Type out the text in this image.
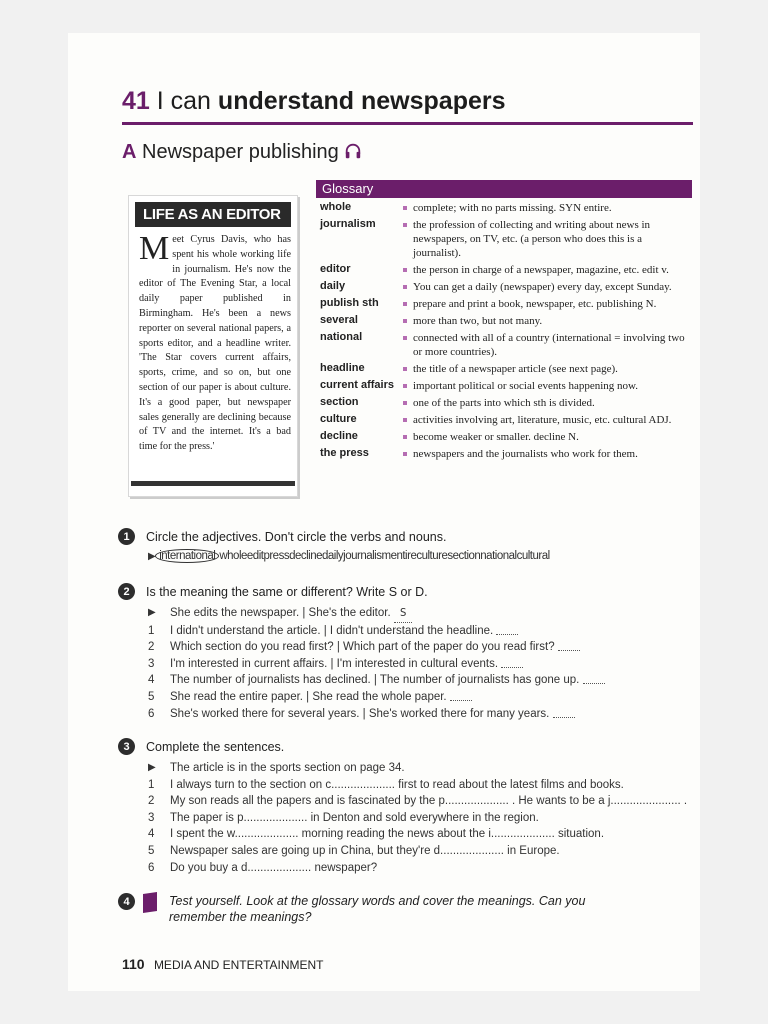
41 I can understand newspapers
A Newspaper publishing
LIFE AS AN EDITOR
Meet Cyrus Davis, who has spent his whole working life in journalism. He's now the editor of The Evening Star, a local daily paper published in Birmingham. He's been a news reporter on several national papers, a sports editor, and a headline writer. 'The Star covers current affairs, sports, crime, and so on, but one section of our paper is about culture. It's a good paper, but newspaper sales generally are declining because of TV and the internet. It's a bad time for the press.'
Glossary
whole	complete; with no parts missing. SYN entire.
journalism	the profession of collecting and writing about news in newspapers, on TV, etc. (a person who does this is a journalist).
editor	the person in charge of a newspaper, magazine, etc. edit v.
daily	You can get a daily (newspaper) every day, except Sunday.
publish sth	prepare and print a book, newspaper, etc. publishing N.
several	more than two, but not many.
national	connected with all of a country (international = involving two or more countries).
headline	the title of a newspaper article (see next page).
current affairs	important political or social events happening now.
section	one of the parts into which sth is divided.
culture	activities involving art, literature, music, etc. cultural ADJ.
decline	become weaker or smaller. decline N.
the press	newspapers and the journalists who work for them.
1	Circle the adjectives. Don't circle the verbs and nouns.
▶ international wholeeditpressdeclinedailyjournalismentirecultureseсtionnationalcultural
2	Is the meaning the same or different? Write S or D.
▶	She edits the newspaper. | She's the editor.
S
1	I didn't understand the article. | I didn't understand the headline.

2	Which section do you read first? | Which part of the paper do you read first?

3	I'm interested in current affairs. | I'm interested in cultural events.

4	The number of journalists has declined. | The number of journalists has gone up.

5	She read the entire paper. | She read the whole paper.

6	She's worked there for several years. | She's worked there for many years.

3	Complete the sentences.
▶	The article is in the sports section on page 34.
1	I always turn to the section on c.................... first to read about the latest films and books.
2	My son reads all the papers and is fascinated by the p.................... . He wants to be a j...................... .
3	The paper is p.................... in Denton and sold everywhere in the region.
4	I spent the w.................... morning reading the news about the i.................... situation.
5	Newspaper sales are going up in China, but they're d.................... in Europe.
6	Do you buy a d.................... newspaper?
4	Test yourself. Look at the glossary words and cover the meanings. Can you remember the meanings?
110 MEDIA AND ENTERTAINMENT
